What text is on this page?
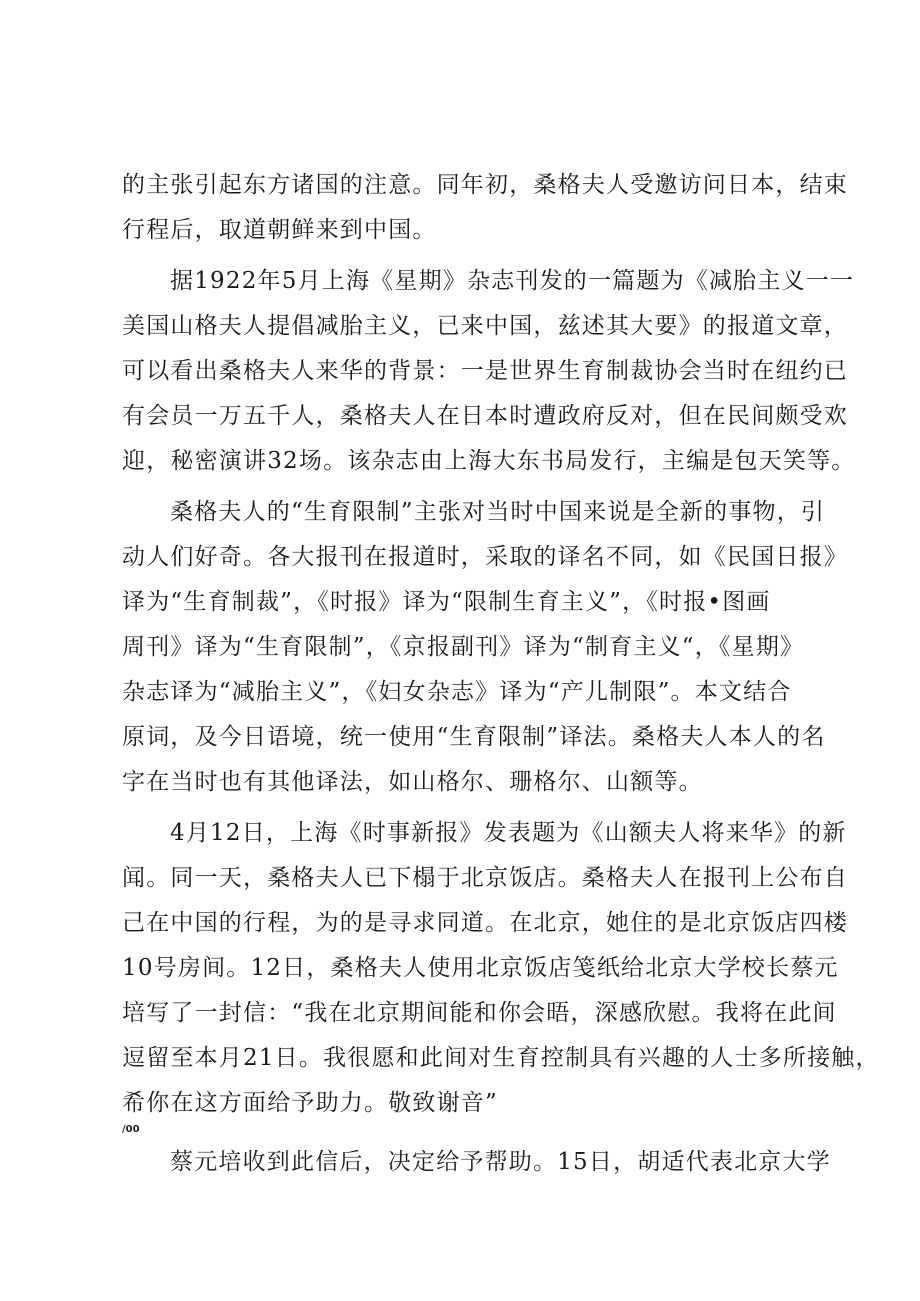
的主张引起东方诸国的注意。同年初，桑格夫人受邀访问日本，结束
行程后，取道朝鲜来到中国。
据1922年5月上海《星期》杂志刊发的一篇题为《减胎主义一一
美国山格夫人提倡减胎主义，已来中国，兹述其大要》的报道文章，
可以看出桑格夫人来华的背景：一是世界生育制裁协会当时在纽约已
有会员一万五千人，桑格夫人在日本时遭政府反对，但在民间颇受欢
迎，秘密演讲32场。该杂志由上海大东书局发行，主编是包天笑等。
桑格夫人的“生育限制”主张对当时中国来说是全新的事物，引
动人们好奇。各大报刊在报道时，采取的译名不同，如《民国日报》
译为“生育制裁”，《时报》译为“限制生育主义”，《时报•图画
周刊》译为“生育限制”，《京报副刊》译为“制育主义“，《星期》
杂志译为“减胎主义”，《妇女杂志》译为“产儿制限”。本文结合
原词，及今日语境，统一使用“生育限制”译法。桑格夫人本人的名
字在当时也有其他译法，如山格尔、珊格尔、山额等。
4月12日，上海《时事新报》发表题为《山额夫人将来华》的新
闻。同一天，桑格夫人已下榻于北京饭店。桑格夫人在报刊上公布自
己在中国的行程，为的是寻求同道。在北京，她住的是北京饭店四楼
10号房间。12日，桑格夫人使用北京饭店笺纸给北京大学校长蔡元
培写了一封信：“我在北京期间能和你会晤，深感欣慰。我将在此间
逗留至本月21日。我很愿和此间对生育控制具有兴趣的人士多所接触，
希你在这方面给予助力。敬致谢音”
/00
蔡元培收到此信后，决定给予帮助。15日，胡适代表北京大学
